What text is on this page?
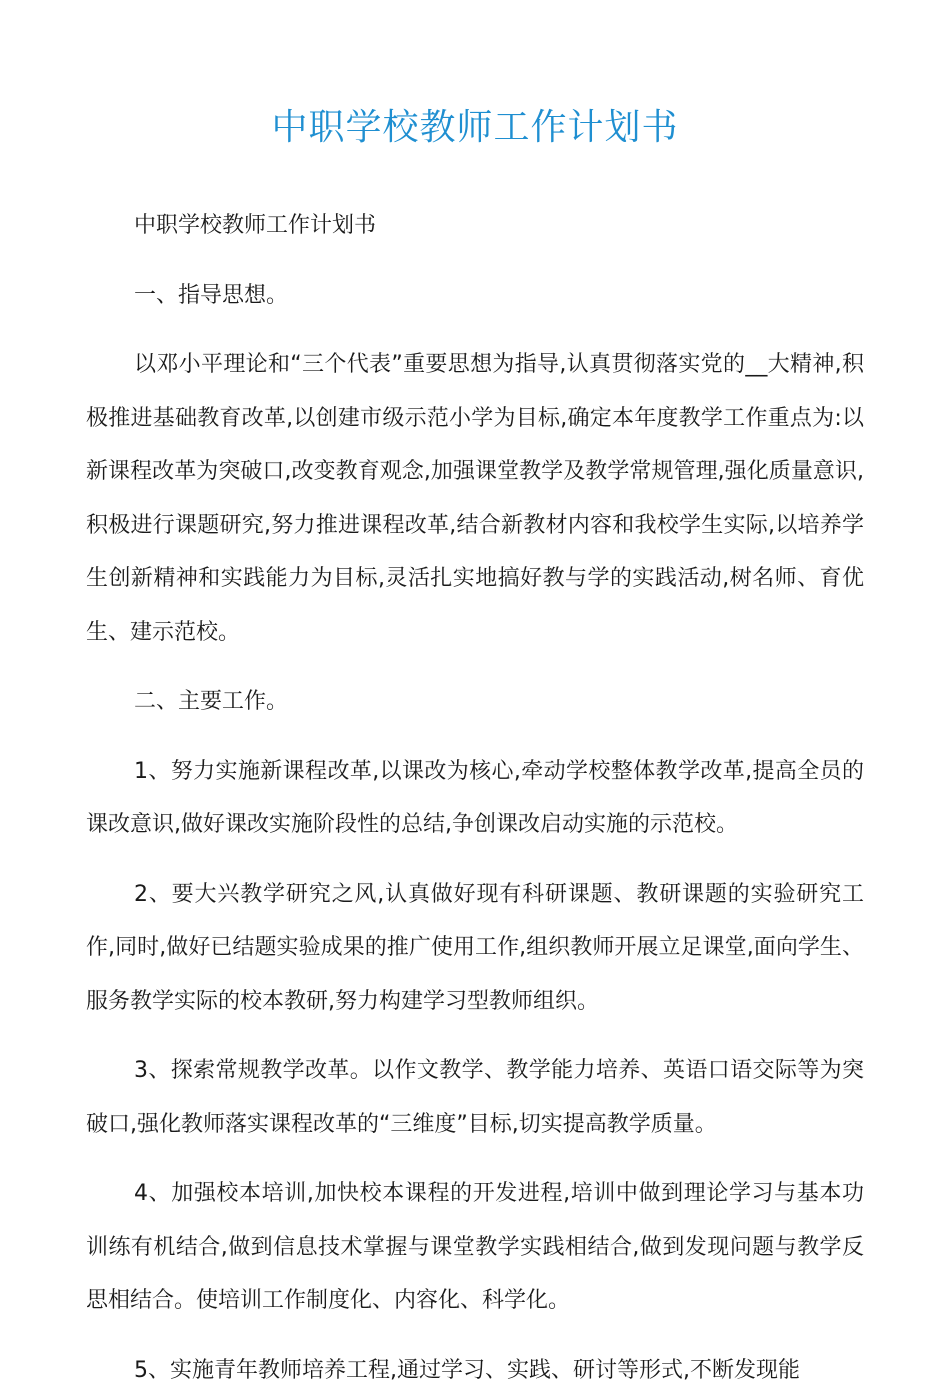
中职学校教师工作计划书

中职学校教师工作计划书

一、指导思想。

以邓小平理论和“三个代表”重要思想为指导,认真贯彻落实党的__大精神,积极推进基础教育改革,以创建市级示范小学为目标,确定本年度教学工作重点为:以新课程改革为突破口,改变教育观念,加强课堂教学及教学常规管理,强化质量意识,积极进行课题研究,努力推进课程改革,结合新教材内容和我校学生实际,以培养学生创新精神和实践能力为目标,灵活扎实地搞好教与学的实践活动,树名师、育优生、建示范校。

二、主要工作。

1、努力实施新课程改革,以课改为核心,牵动学校整体教学改革,提高全员的课改意识,做好课改实施阶段性的总结,争创课改启动实施的示范校。

2、要大兴教学研究之风,认真做好现有科研课题、教研课题的实验研究工作,同时,做好已结题实验成果的推广使用工作,组织教师开展立足课堂,面向学生、服务教学实际的校本教研,努力构建学习型教师组织。

3、探索常规教学改革。以作文教学、教学能力培养、英语口语交际等为突破口,强化教师落实课程改革的“三维度”目标,切实提高教学质量。

4、加强校本培训,加快校本课程的开发进程,培训中做到理论学习与基本功训练有机结合,做到信息技术掌握与课堂教学实践相结合,做到发现问题与教学反思相结合。使培训工作制度化、内容化、科学化。

5、实施青年教师培养工程,通过学习、实践、研讨等形式,不断发现能
